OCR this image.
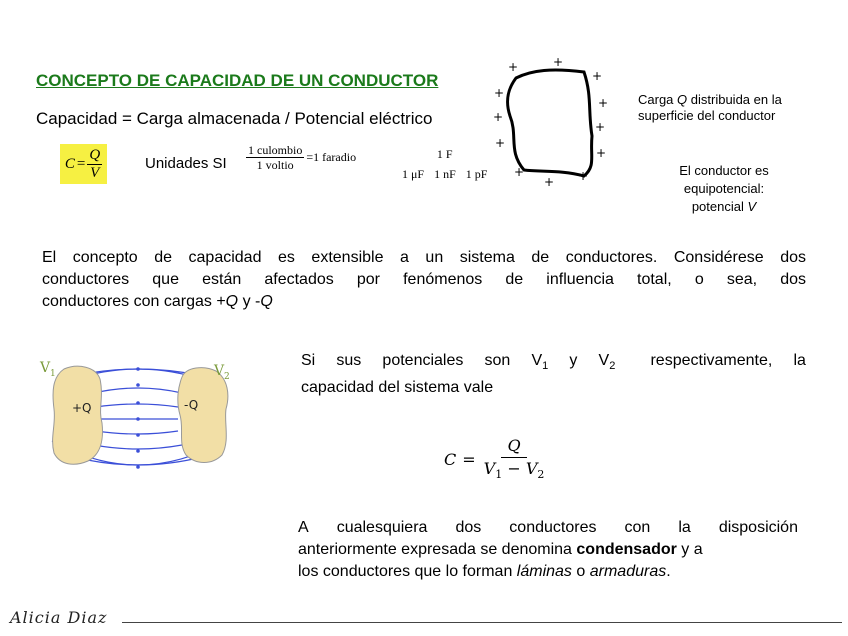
CONCEPTO DE CAPACIDAD DE UN CONDUCTOR
Capacidad = Carga almacenada / Potencial eléctrico
$C = \frac{Q}{V}$	Unidades SI $\frac{\text{1 culombio}}{\text{1 voltio}} =1$ faradio	1 F
1 μF 1 nF 1 pF
+	+
+
+
+
+
+
+
+
+
+ +
Carga Q distribuida en la superficie del conductor
El conductor es
equipotencial:
potencial V
El concepto de capacidad es extensible a un sistema de conductores. Considérese dos
conductores que están afectados por fenómenos de influencia total, o sea, dos
conductores con cargas +Q y -Q
+Q	-Q
V 1	V 2
Si sus potenciales son $V_1$ y $V_2$ respectivamente, la
capacidad del sistema vale
$C = \frac{Q}{V_1 - V_2}$
A cualesquiera dos conductores con la disposición
anteriormente expresada se denomina condensador y a
los conductores que lo forman láminas o armaduras.
Alicia Diaz
